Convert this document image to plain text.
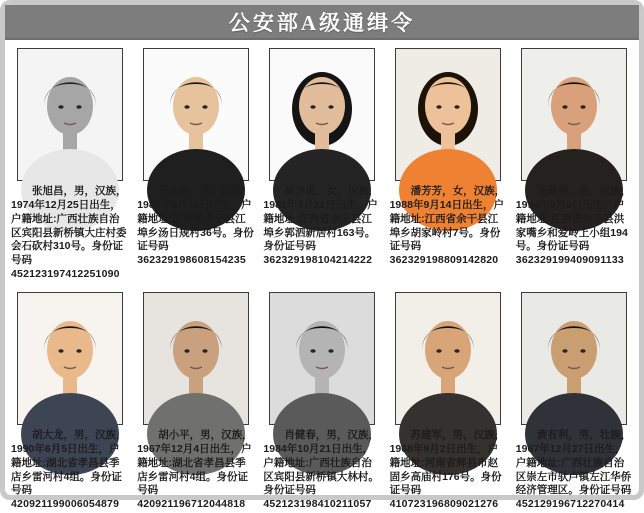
公安部A级通缉令

张旭昌，男，汉族，1974年12月25日出生，户籍地址:广西壮族自治区宾阳县新桥镇大庄村委会石砍村310号。身份证号码
452123197412251090

汤仕先，男，汉族，1986年8月15日出生，户籍地址:江西省余干县江埠乡汤日规村36号。身份证号码
362329198608154235

吴少炎，女，汉族，1981年4月21日出生，户籍地址:江西省余干县江埠乡郭泗新居村163号。身份证号码
362329198104214222

潘芳芳，女，汉族，1988年9月14日出生，户籍地址:江西省余干县江埠乡胡家岭村7号。身份证号码
362329198809142820

汤黄茜，男，汉族，1994年9月9日出生，户籍地址:江西省余干县洪家嘴乡和爱岭上小组194号。身份证号码
362329199409091133

胡大龙，男，汉族，1990年6月5日出生，户籍地址:湖北省孝昌县季店乡雷河村4组。身份证号码
420921199006054879

胡小平，男，汉族，1967年12月4日出生，户籍地址:湖北省孝昌县季店乡雷河村4组。身份证号码
420921196712044818

肖健春，男，汉族，1984年10月21日出生，户籍地址:广西壮族自治区宾阳县新桥镇大林村。身份证号码
452123198410211057

苏建军，男，汉族，1968年9月2日出生，户籍地址:河南省辉县市赵固乡高庙村176号。身份证号码
410723196809021276

黄有利，男，壮族，1967年12月27日出生，户籍地址:广西壮族自治区崇左市驮卢镇左江华侨经济管理区。身份证号码
452129196712270414
